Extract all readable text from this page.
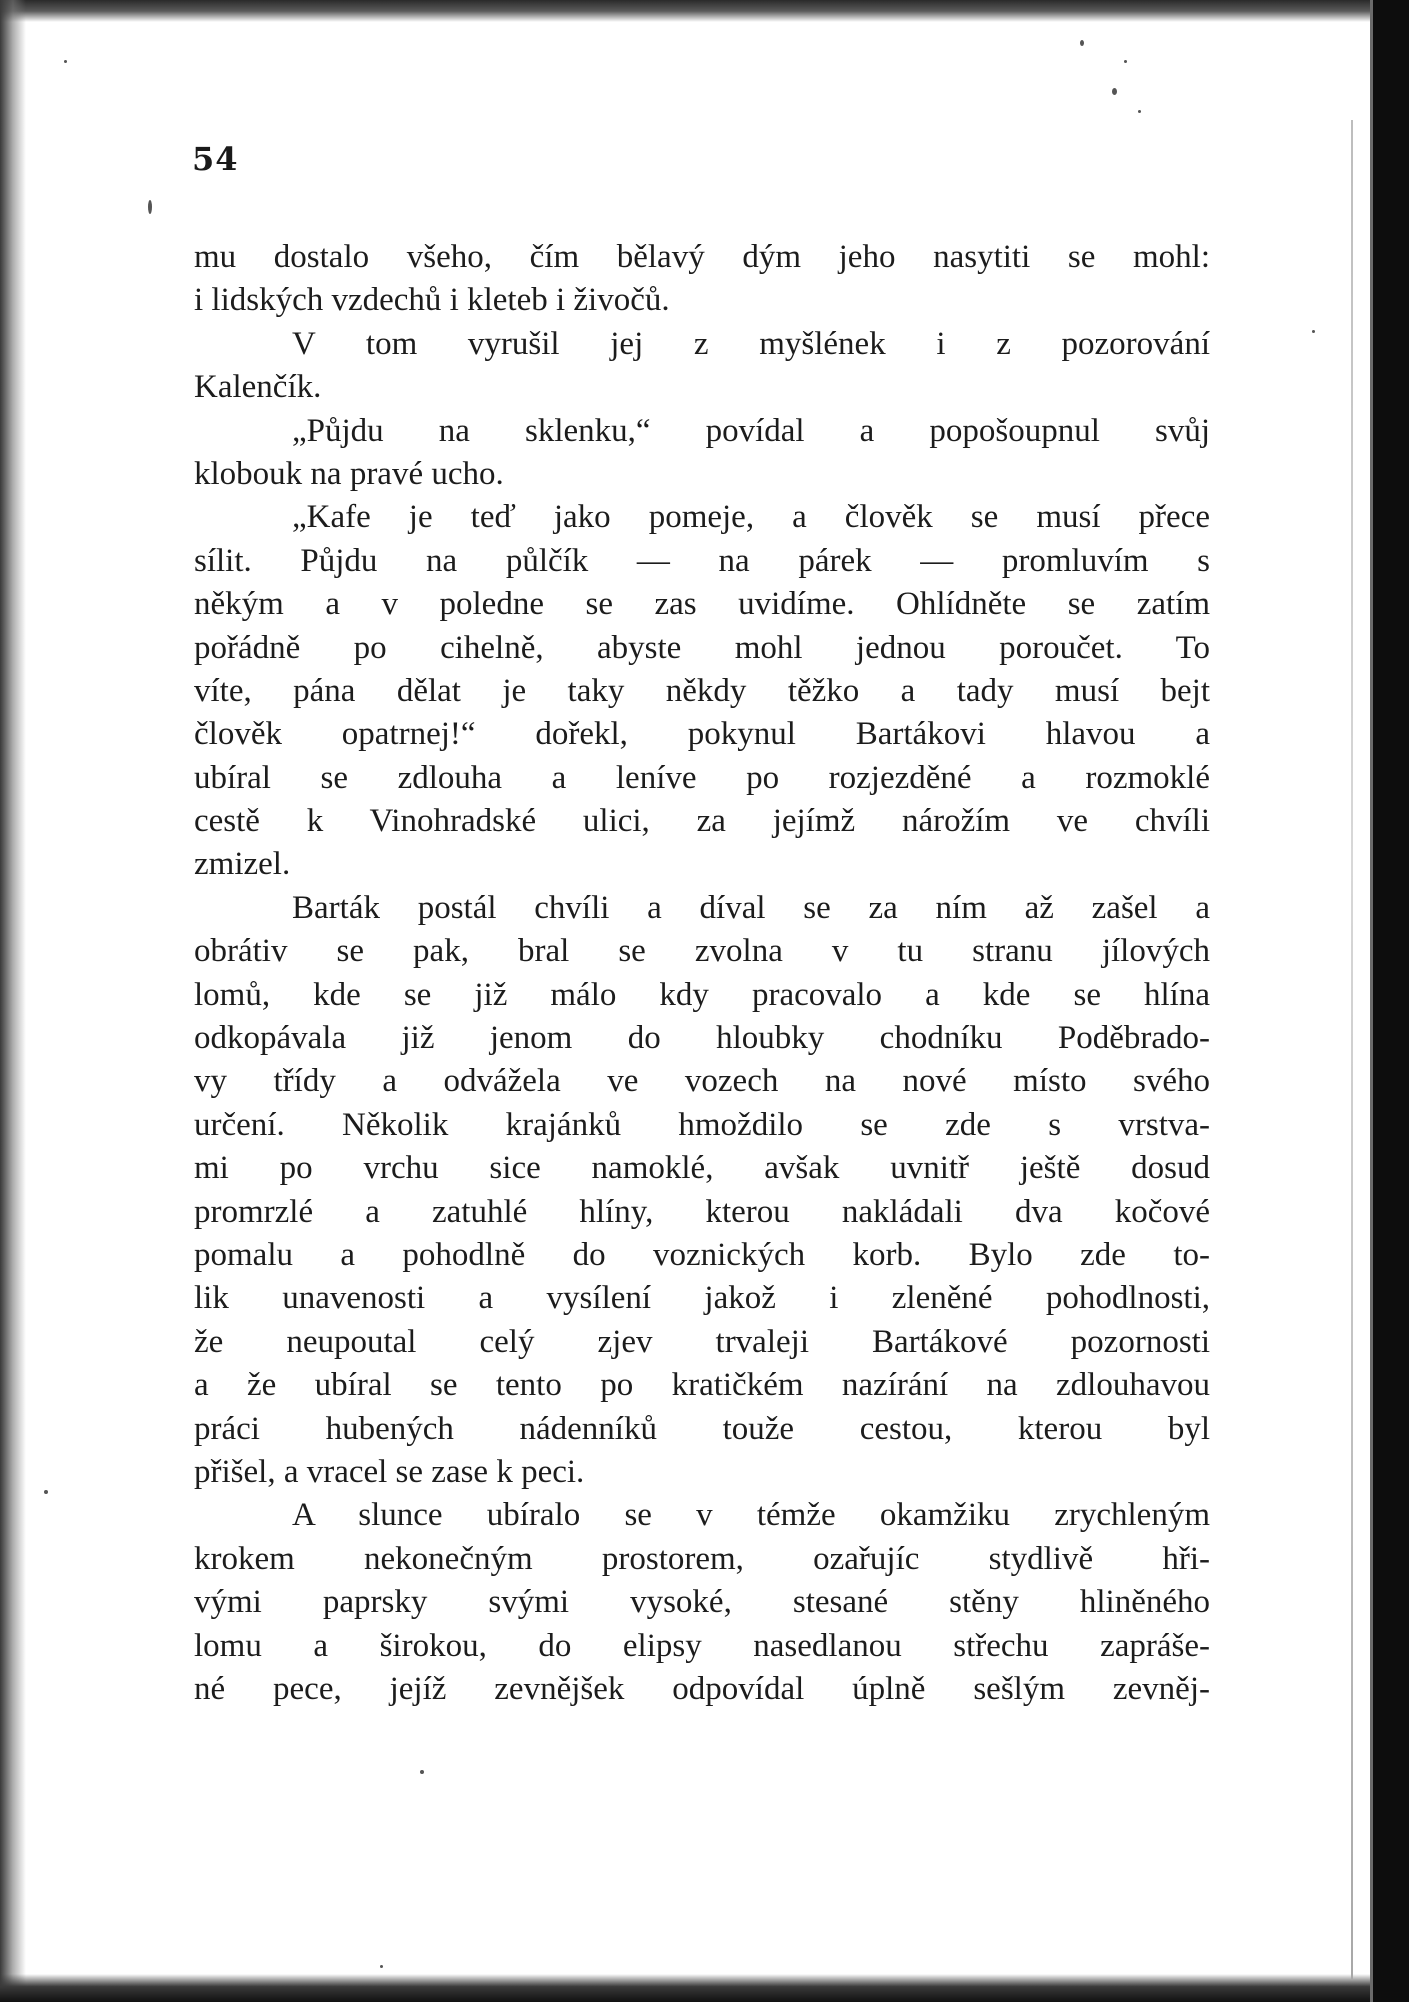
54
mu dostalo všeho, čím bělavý dým jeho nasytiti se mohl:
i lidských vzdechů i kleteb i živočů.
V tom vyrušil jej z myšlének i z pozorování
Kalenčík.
„Půjdu na sklenku,“ povídal a popošoupnul svůj
klobouk na pravé ucho.
„Kafe je teď jako pomeje, a člověk se musí přece
sílit. Půjdu na půlčík — na párek — promluvím s
někým a v poledne se zas uvidíme. Ohlídněte se zatím
pořádně po cihelně, abyste mohl jednou poroučet. To
víte, pána dělat je taky někdy těžko a tady musí bejt
člověk opatrnej!“ dořekl, pokynul Bartákovi hlavou a
ubíral se zdlouha a leníve po rozjezděné a rozmoklé
cestě k Vinohradské ulici, za jejímž nárožím ve chvíli
zmizel.
Barták postál chvíli a díval se za ním až zašel a
obrátiv se pak, bral se zvolna v tu stranu jílových
lomů, kde se již málo kdy pracovalo a kde se hlína
odkopávala již jenom do hloubky chodníku Poděbrado-
vy třídy a odvážela ve vozech na nové místo svého
určení. Několik krajánků hmoždilo se zde s vrstva-
mi po vrchu sice namoklé, avšak uvnitř ještě dosud
promrzlé a zatuhlé hlíny, kterou nakládali dva kočové
pomalu a pohodlně do voznických korb. Bylo zde to-
lik unavenosti a vysílení jakož i zleněné pohodlnosti,
že neupoutal celý zjev trvaleji Bartákové pozornosti
a že ubíral se tento po kratičkém nazírání na zdlouhavou
práci hubených nádenníků touže cestou, kterou byl
přišel, a vracel se zase k peci.
A slunce ubíralo se v témže okamžiku zrychleným
krokem nekonečným prostorem, ozařujíc stydlivě hři-
vými paprsky svými vysoké, stesané stěny hliněného
lomu a širokou, do elipsy nasedlanou střechu zapráše-
né pece, jejíž zevnějšek odpovídal úplně sešlým zevněj-
